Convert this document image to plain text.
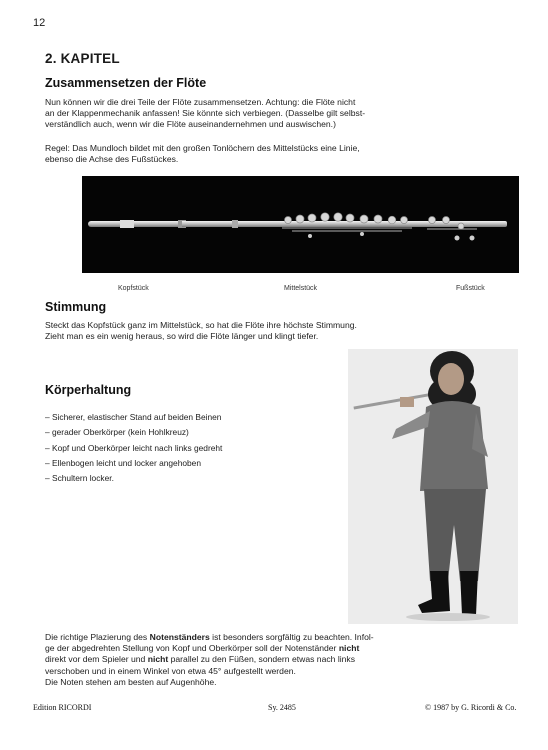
12
2. KAPITEL
Zusammensetzen der Flöte
Nun können wir die drei Teile der Flöte zusammensetzen. Achtung: die Flöte nicht
an der Klappenmechanik anfassen! Sie könnte sich verbiegen. (Dasselbe gilt selbst-
verständlich auch, wenn wir die Flöte auseinandernehmen und auswischen.)
Regel: Das Mundloch bildet mit den großen Tonlöchern des Mittelstücks eine Linie,
ebenso die Achse des Fußstückes.
Kopfstück	Mittelstück	Fußstück
Stimmung
Steckt das Kopfstück ganz im Mittelstück, so hat die Flöte ihre höchste Stimmung.
Zieht man es ein wenig heraus, so wird die Flöte länger und klingt tiefer.
Körperhaltung
– Sicherer, elastischer Stand auf beiden Beinen
– gerader Oberkörper (kein Hohlkreuz)
– Kopf und Oberkörper leicht nach links gedreht
– Ellenbogen leicht und locker angehoben
– Schultern locker.
Die richtige Plazierung des Notenständers ist besonders sorgfältig zu beachten. Infol-
ge der abgedrehten Stellung von Kopf und Oberkörper soll der Notenständer nicht
direkt vor dem Spieler und nicht parallel zu den Füßen, sondern etwas nach links
verschoben und in einem Winkel von etwa 45° aufgestellt werden.
Die Noten stehen am besten auf Augenhöhe.
Edition RICORDI	Sy. 2485	© 1987 by G. Ricordi & Co.
